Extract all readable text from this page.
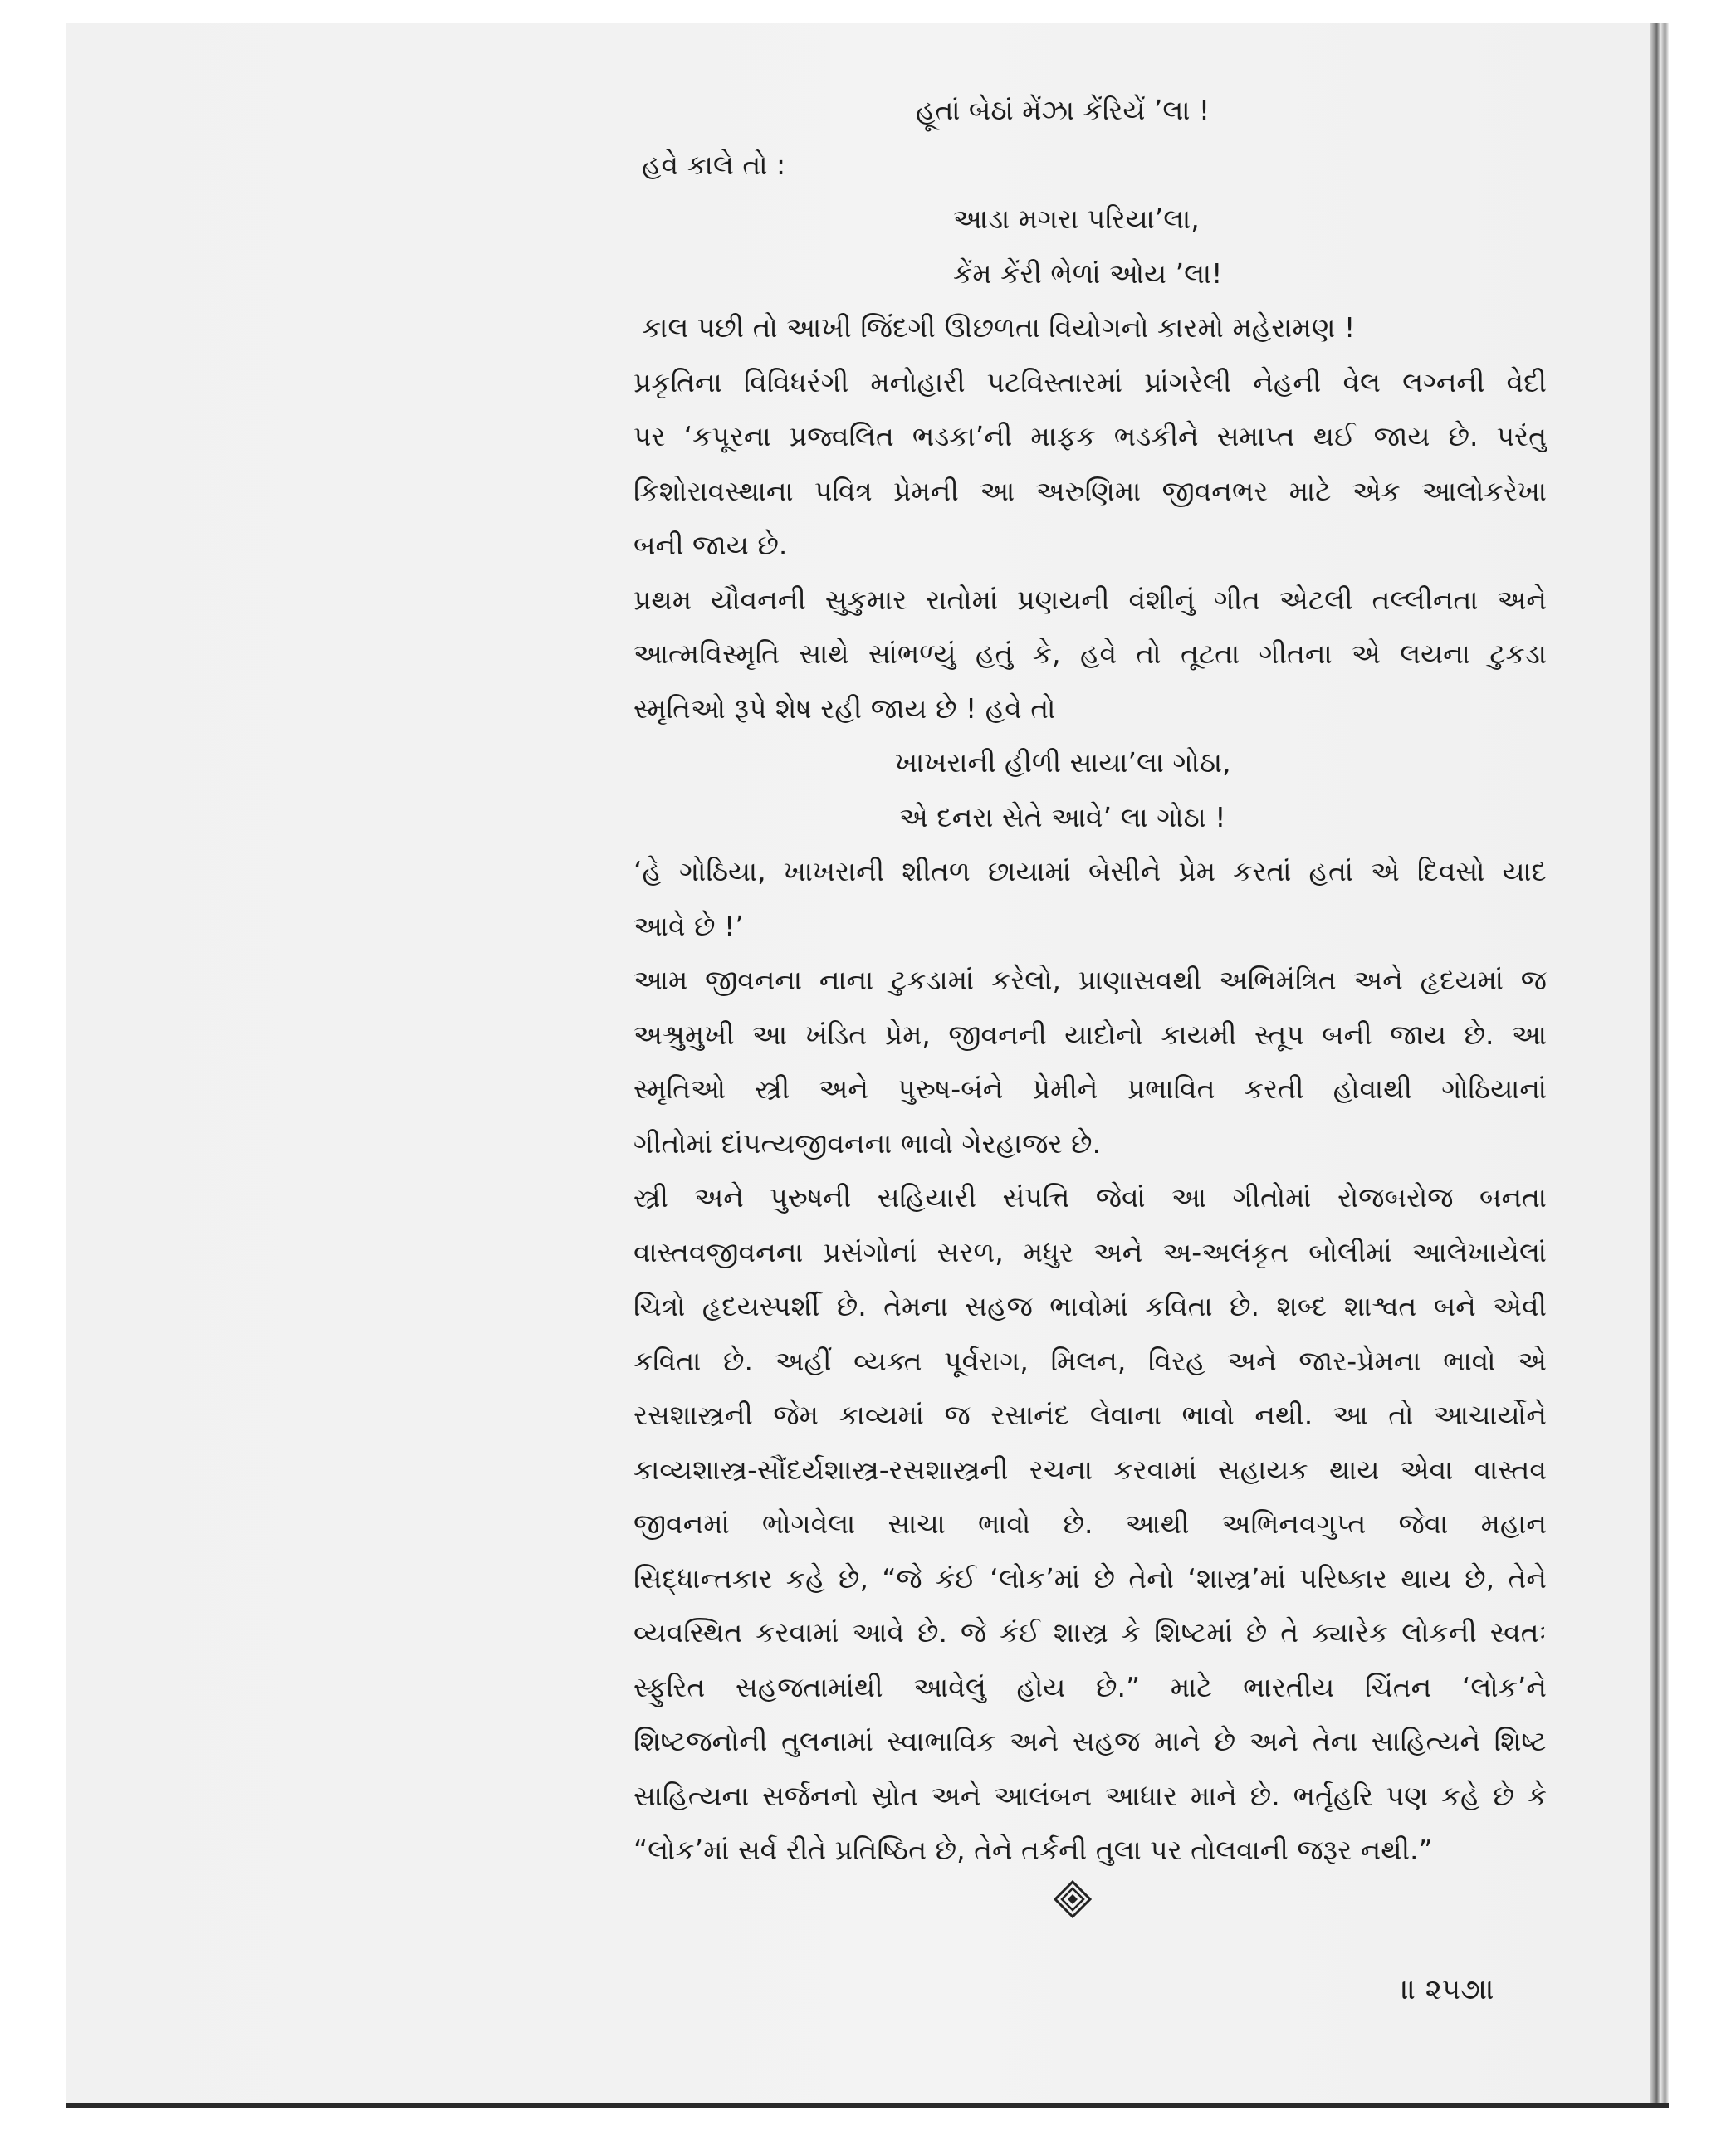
હૂતાં બેઠાં મેંઝા કેંરિયેં ’લા !
હવે કાલે તો :
આડા મગરા પરિયા’લા,
કેંમ કેંરી ભેળાં ઓય ’લા!
કાલ પછી તો આખી જિંદગી ઊછળતા વિયોગનો કારમો મહેરામણ !
પ્રકૃતિના વિવિધરંગી મનોહારી પટવિસ્તારમાં પ્રાંગરેલી નેહની વેલ લગ્નની વેદી
પર ‘કપૂરના પ્રજ્વલિત ભડકા’ની માફક ભડકીને સમાપ્ત થઈ જાય છે. પરંતુ
કિશોરાવસ્થાના પવિત્ર પ્રેમની આ અરુણિમા જીવનભર માટે એક આલોકરેખા
બની જાય છે.
પ્રથમ યૌવનની સુકુમાર રાતોમાં પ્રણયની વંશીનું ગીત એટલી તલ્લીનતા અને
આત્મવિસ્મૃતિ સાથે સાંભળ્યું હતું કે, હવે તો તૂટતા ગીતના એ લયના ટુકડા
સ્મૃતિઓ રૂપે શેષ રહી જાય છે ! હવે તો
ખાખરાની હીળી સાયા’લા ગોઠા,
એ દનરા સેતે આવે’ લા ગોઠા !
‘હે ગોઠિયા, ખાખરાની શીતળ છાયામાં બેસીને પ્રેમ કરતાં હતાં એ દિવસો યાદ
આવે છે !’
આમ જીવનના નાના ટુકડામાં કરેલો, પ્રાણાસવથી અભિમંત્રિત અને હૃદયમાં જ
અશ્રુમુખી આ ખંડિત પ્રેમ, જીવનની યાદોનો કાયમી સ્તૂપ બની જાય છે. આ
સ્મૃતિઓ સ્ત્રી અને પુરુષ-બંને પ્રેમીને પ્રભાવિત કરતી હોવાથી ગોઠિયાનાં
ગીતોમાં દાંપત્યજીવનના ભાવો ગેરહાજર છે.
સ્ત્રી અને પુરુષની સહિયારી સંપત્તિ જેવાં આ ગીતોમાં રોજબરોજ બનતા
વાસ્તવજીવનના પ્રસંગોનાં સરળ, મધુર અને અ-અલંકૃત બોલીમાં આલેખાયેલાં
ચિત્રો હૃદયસ્પર્શી છે. તેમના સહજ ભાવોમાં કવિતા છે. શબ્દ શાશ્વત બને એવી
કવિતા છે. અહીં વ્યક્ત પૂર્વરાગ, મિલન, વિરહ અને જાર-પ્રેમના ભાવો એ
રસશાસ્ત્રની જેમ કાવ્યમાં જ રસાનંદ લેવાના ભાવો નથી. આ તો આચાર્યોને
કાવ્યશાસ્ત્ર-સૌંદર્યશાસ્ત્ર-રસશાસ્ત્રની રચના કરવામાં સહાયક થાય એવા વાસ્તવ
જીવનમાં ભોગવેલા સાચા ભાવો છે. આથી અભિનવગુપ્ત જેવા મહાન
સિદ્ધાન્તકાર કહે છે, “જે કંઈ ‘લોક’માં છે તેનો ‘શાસ્ત્ર’માં પરિષ્કાર થાય છે, તેને
વ્યવસ્થિત કરવામાં આવે છે. જે કંઈ શાસ્ત્ર કે શિષ્ટમાં છે તે ક્યારેક લોકની સ્વતઃ
સ્ફુરિત સહજતામાંથી આવેલું હોય છે.” માટે ભારતીય ચિંતન ‘લોક’ને
શિષ્ટજનોની તુલનામાં સ્વાભાવિક અને સહજ માને છે અને તેના સાહિત્યને શિષ્ટ
સાહિત્યના સર્જનનો સ્રોત અને આલંબન આધાર માને છે. ભર્તૃહરિ પણ કહે છે કે
“લોક’માં સર્વ રીતે પ્રતિષ્ઠિત છે, તેને તર્કની તુલા પર તોલવાની જરૂર નથી.”
॥ ૨૫૭॥
